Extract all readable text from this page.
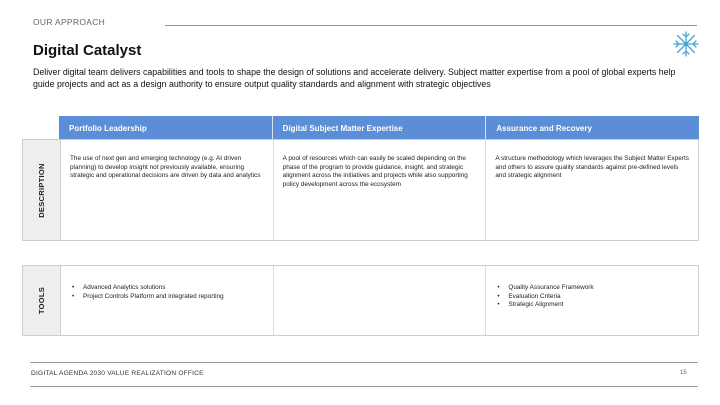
OUR APPROACH
Digital Catalyst
Deliver digital team delivers capabilities and tools to shape the design of solutions and accelerate delivery. Subject matter expertise from a pool of global experts help guide projects and act as a design authority to ensure output quality standards and alignment with strategic objectives
Portfolio Leadership	Digital Subject Matter Expertise	Assurance and Recovery
DESCRIPTION
The use of next gen and emerging technology (e.g. AI driven planning) to develop insight not previously available, ensuring strategic and operational decisions are driven by data and analytics
A pool of resources which can easily be scaled depending on the phase of the program to provide guidance, insight, and strategic alignment across the initiatives and projects while also supporting policy development across the ecosystem
A structure methodology which leverages the Subject Matter Experts and others to assure quality standards against pre-defined levels and strategic alignment
TOOLS
•	Advanced Analytics solutions
• Project Controls Platform and integrated reporting
• Quality Assurance Framework
• Evaluation Criteria
• Strategic Alignment
DIGITAL AGENDA 2030 VALUE REALIZATION OFFICE	15
